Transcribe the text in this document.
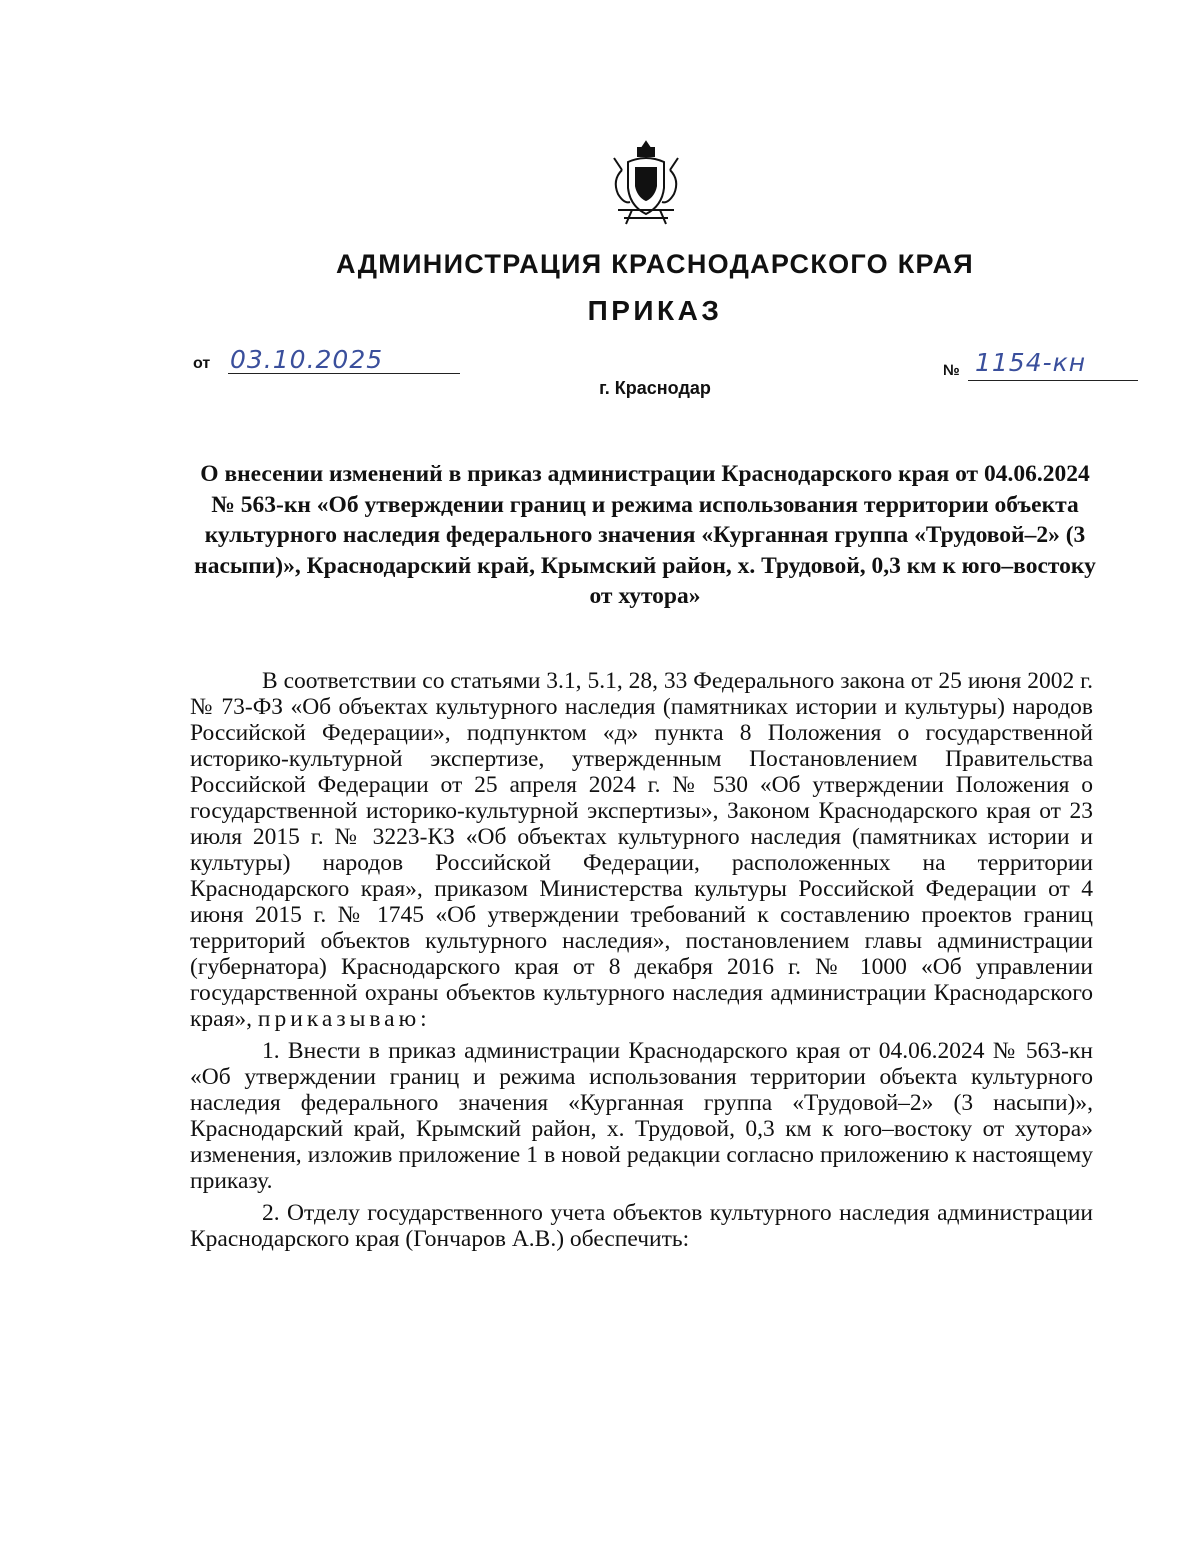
АДМИНИСТРАЦИЯ КРАСНОДАРСКОГО КРАЯ
ПРИКАЗ
от 03.10.2025
г. Краснодар
№ 1154-кн
О внесении изменений в приказ администрации Краснодарского края от 04.06.2024 № 563-кн «Об утверждении границ и режима использования территории объекта культурного наследия федерального значения «Курганная группа «Трудовой–2» (3 насыпи)», Краснодарский край, Крымский район, х. Трудовой, 0,3 км к юго–востоку от хутора»

В соответствии со статьями 3.1, 5.1, 28, 33 Федерального закона от 25 июня 2002 г. № 73-ФЗ «Об объектах культурного наследия (памятниках истории и культуры) народов Российской Федерации», подпунктом «д» пункта 8 Положения о государственной историко-культурной экспертизе, утвержденным Постановлением Правительства Российской Федерации от 25 апреля 2024 г. № 530 «Об утверждении Положения о государственной историко-культурной экспертизы», Законом Краснодарского края от 23 июля 2015 г. № 3223-КЗ «Об объектах культурного наследия (памятниках истории и культуры) народов Российской Федерации, расположенных на территории Краснодарского края», приказом Министерства культуры Российской Федерации от 4 июня 2015 г. № 1745 «Об утверждении требований к составлению проектов границ территорий объектов культурного наследия», постановлением главы администрации (губернатора) Краснодарского края от 8 декабря 2016 г. № 1000 «Об управлении государственной охраны объектов культурного наследия администрации Краснодарского края», приказываю:

1. Внести в приказ администрации Краснодарского края от 04.06.2024 № 563-кн «Об утверждении границ и режима использования территории объекта культурного наследия федерального значения «Курганная группа «Трудовой–2» (3 насыпи)», Краснодарский край, Крымский район, х. Трудовой, 0,3 км к юго–востоку от хутора» изменения, изложив приложение 1 в новой редакции согласно приложению к настоящему приказу.

2. Отделу государственного учета объектов культурного наследия администрации Краснодарского края (Гончаров А.В.) обеспечить:
